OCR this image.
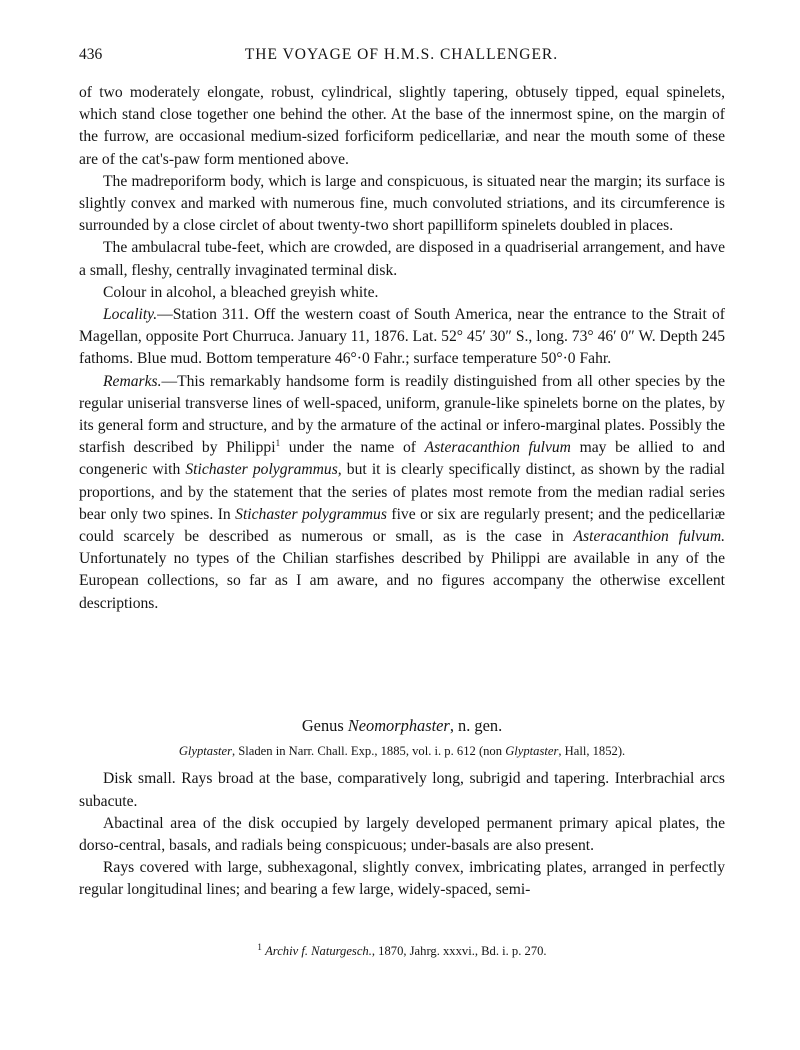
436	THE VOYAGE OF H.M.S. CHALLENGER.

of two moderately elongate, robust, cylindrical, slightly tapering, obtusely tipped, equal spinelets, which stand close together one behind the other. At the base of the innermost spine, on the margin of the furrow, are occasional medium-sized forficiform pedicellariæ, and near the mouth some of these are of the cat's-paw form mentioned above.

The madreporiform body, which is large and conspicuous, is situated near the margin; its surface is slightly convex and marked with numerous fine, much convoluted striations, and its circumference is surrounded by a close circlet of about twenty-two short papilliform spinelets doubled in places.

The ambulacral tube-feet, which are crowded, are disposed in a quadriserial arrangement, and have a small, fleshy, centrally invaginated terminal disk.

Colour in alcohol, a bleached greyish white.

Locality.—Station 311. Off the western coast of South America, near the entrance to the Strait of Magellan, opposite Port Churruca. January 11, 1876. Lat. 52° 45′ 30″ S., long. 73° 46′ 0″ W. Depth 245 fathoms. Blue mud. Bottom temperature 46°·0 Fahr.; surface temperature 50°·0 Fahr.

Remarks.—This remarkably handsome form is readily distinguished from all other species by the regular uniserial transverse lines of well-spaced, uniform, granule-like spinelets borne on the plates, by its general form and structure, and by the armature of the actinal or infero-marginal plates. Possibly the starfish described by Philippi$^1$ under the name of Asteracanthion fulvum may be allied to and congeneric with Stichaster polygrammus, but it is clearly specifically distinct, as shown by the radial proportions, and by the statement that the series of plates most remote from the median radial series bear only two spines. In Stichaster polygrammus five or six are regularly present; and the pedicellariæ could scarcely be described as numerous or small, as is the case in Asteracanthion fulvum. Unfortunately no types of the Chilian starfishes described by Philippi are available in any of the European collections, so far as I am aware, and no figures accompany the otherwise excellent descriptions.

Genus Neomorphaster, n. gen.

Glyptaster, Sladen in Narr. Chall. Exp., 1885, vol. i. p. 612 (non Glyptaster, Hall, 1852).

Disk small. Rays broad at the base, comparatively long, subrigid and tapering. Interbrachial arcs subacute.

Abactinal area of the disk occupied by largely developed permanent primary apical plates, the dorso-central, basals, and radials being conspicuous; under-basals are also present.

Rays covered with large, subhexagonal, slightly convex, imbricating plates, arranged in perfectly regular longitudinal lines; and bearing a few large, widely-spaced, semi-

$^1$ Archiv f. Naturgesch., 1870, Jahrg. xxxvi., Bd. i. p. 270.
